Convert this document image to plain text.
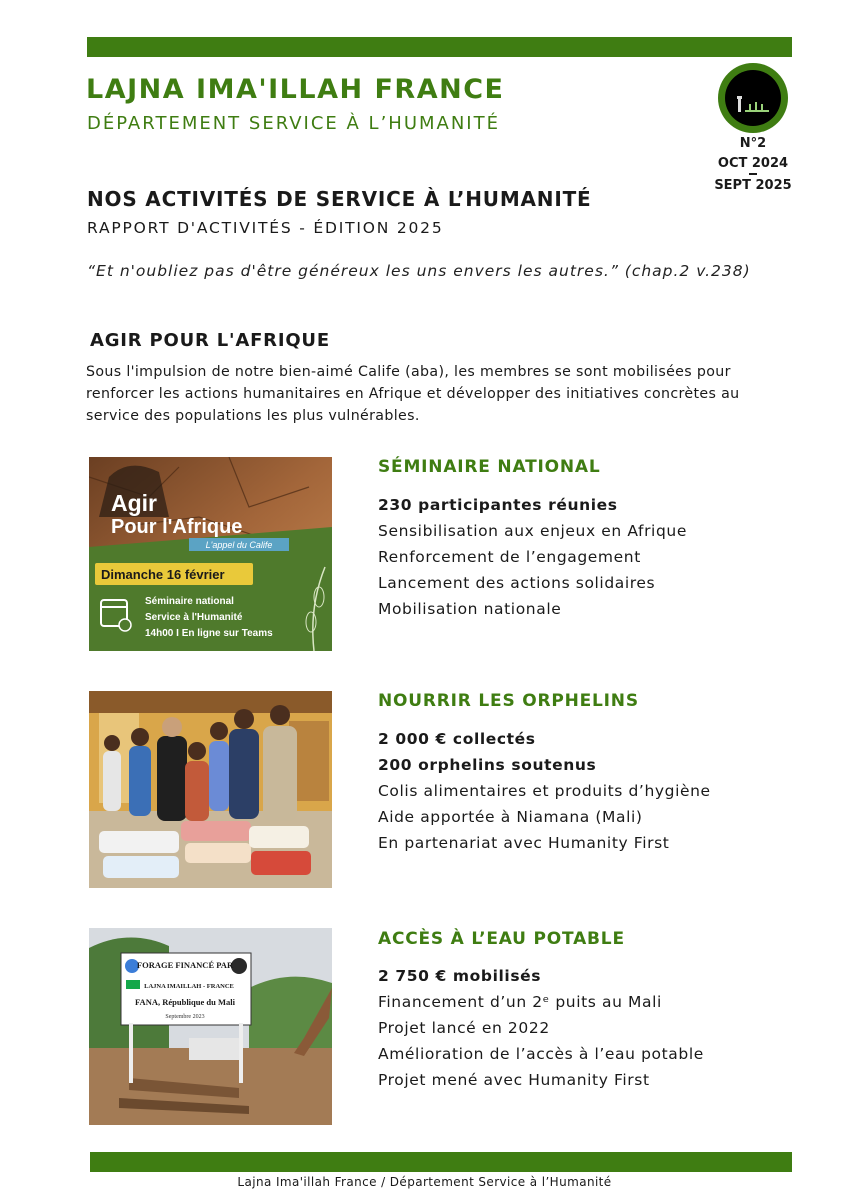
LAJNA IMA'ILLAH FRANCE
DÉPARTEMENT SERVICE À L’HUMANITÉ
N°2
OCT 2024
SEPT 2025
NOS ACTIVITÉS DE SERVICE À L’HUMANITÉ
RAPPORT D'ACTIVITÉS - ÉDITION 2025
“Et n'oubliez pas d'être généreux les uns envers les autres.” (chap.2 v.238)
AGIR POUR L'AFRIQUE

Sous l'impulsion de notre bien-aimé Calife (aba), les membres se sont mobilisées pour renforcer les actions humanitaires en Afrique et développer des initiatives concrètes au service des populations les plus vulnérables.

Agir
Pour l'Afrique
L'appel du Calife
Dimanche 16 février
Séminaire national
Service à l'Humanité
14h00 I En ligne sur Teams
FORAGE FINANCÉ PAR
LAJNA IMAILLAH - FRANCE
FANA, République du Mali
Septembre 2023
SÉMINAIRE NATIONAL
230 participantes réunies
Sensibilisation aux enjeux en Afrique
Renforcement de l’engagement
Lancement des actions solidaires
Mobilisation nationale
NOURRIR LES ORPHELINS
2 000 € collectés
200 orphelins soutenus
Colis alimentaires et produits d’hygiène
Aide apportée à Niamana (Mali)
En partenariat avec Humanity First
ACCÈS À L’EAU POTABLE
2 750 € mobilisés
Financement d’un 2ᵉ puits au Mali
Projet lancé en 2022
Amélioration de l’accès à l’eau potable
Projet mené avec Humanity First
Lajna Ima'illah France / Département Service à l’Humanité
